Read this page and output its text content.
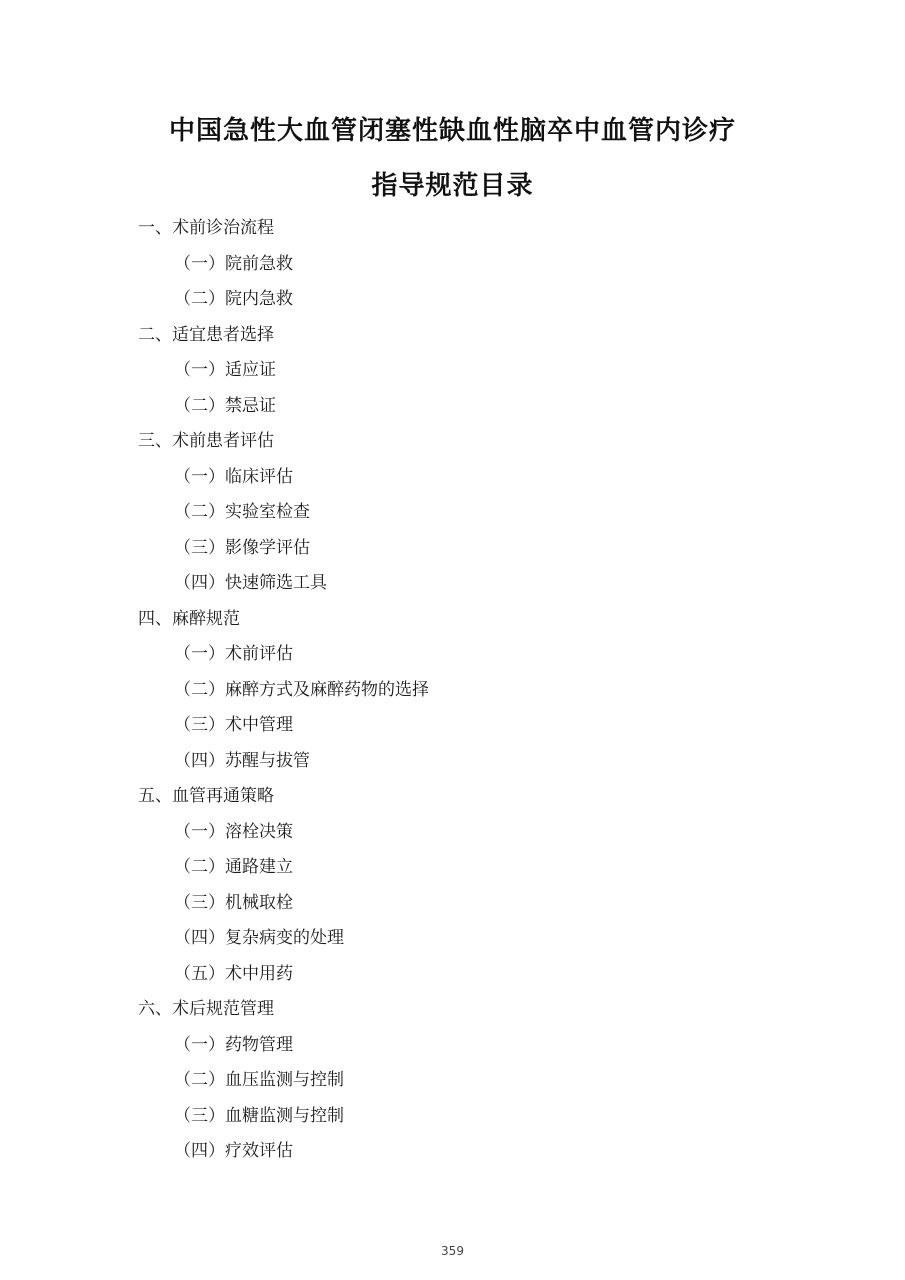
中国急性大血管闭塞性缺血性脑卒中血管内诊疗
指导规范目录
一、术前诊治流程
（一）院前急救
（二）院内急救
二、适宜患者选择
（一）适应证
（二）禁忌证
三、术前患者评估
（一）临床评估
（二）实验室检查
（三）影像学评估
（四）快速筛选工具
四、麻醉规范
（一）术前评估
（二）麻醉方式及麻醉药物的选择
（三）术中管理
（四）苏醒与拔管
五、血管再通策略
（一）溶栓决策
（二）通路建立
（三）机械取栓
（四）复杂病变的处理
（五）术中用药
六、术后规范管理
（一）药物管理
（二）血压监测与控制
（三）血糖监测与控制
（四）疗效评估
359
